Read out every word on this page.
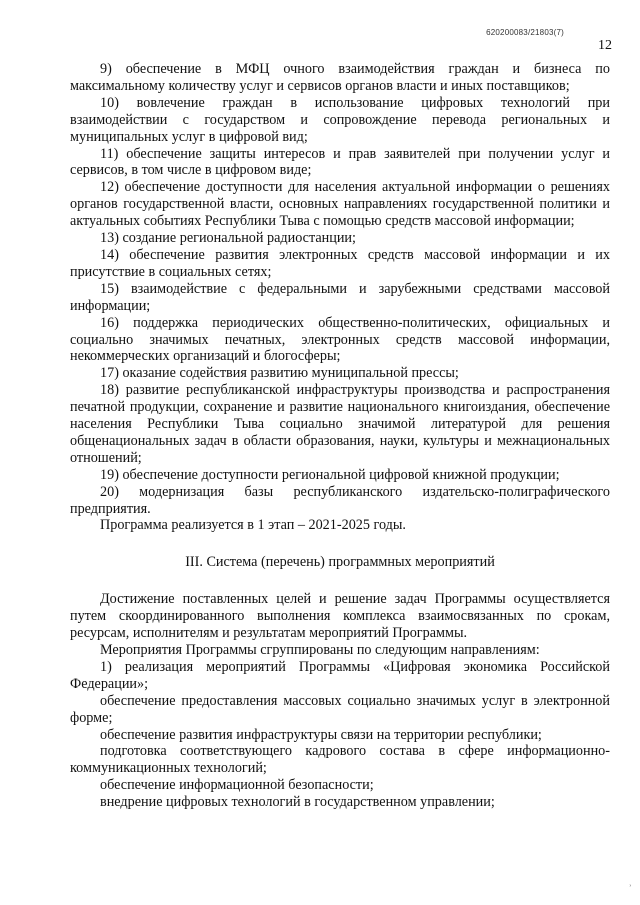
620200083/21803(7)
12

9) обеспечение в МФЦ очного взаимодействия граждан и бизнеса по максимальному количеству услуг и сервисов органов власти и иных поставщиков;

10) вовлечение граждан в использование цифровых технологий при взаимодействии с государством и сопровождение перевода региональных и муниципальных услуг в цифровой вид;

11) обеспечение защиты интересов и прав заявителей при получении услуг и сервисов, в том числе в цифровом виде;

12) обеспечение доступности для населения актуальной информации о решениях органов государственной власти, основных направлениях государственной политики и актуальных событиях Республики Тыва с помощью средств массовой информации;

13) создание региональной радиостанции;

14) обеспечение развития электронных средств массовой информации и их присутствие в социальных сетях;

15) взаимодействие с федеральными и зарубежными средствами массовой информации;

16) поддержка периодических общественно-политических, официальных и социально значимых печатных, электронных средств массовой информации, некоммерческих организаций и блогосферы;

17) оказание содействия развитию муниципальной прессы;

18) развитие республиканской инфраструктуры производства и распространения печатной продукции, сохранение и развитие национального книгоиздания, обеспечение населения Республики Тыва социально значимой литературой для решения общенациональных задач в области образования, науки, культуры и межнациональных отношений;

19) обеспечение доступности региональной цифровой книжной продукции;

20) модернизация базы республиканского издательско-полиграфического предприятия.

Программа реализуется в 1 этап – 2021-2025 годы.

III. Система (перечень) программных мероприятий

Достижение поставленных целей и решение задач Программы осуществляется путем скоординированного выполнения комплекса взаимосвязанных по срокам, ресурсам, исполнителям и результатам мероприятий Программы.

Мероприятия Программы сгруппированы по следующим направлениям:

1) реализация мероприятий Программы «Цифровая экономика Российской Федерации»;

обеспечение предоставления массовых социально значимых услуг в электронной форме;

обеспечение развития инфраструктуры связи на территории республики;

подготовка соответствующего кадрового состава в сфере информационно-коммуникационных технологий;

обеспечение информационной безопасности;

внедрение цифровых технологий в государственном управлении;

ʾ
